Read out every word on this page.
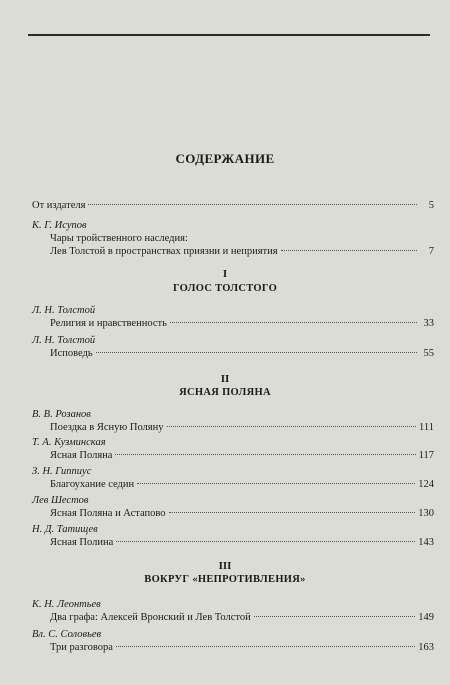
СОДЕРЖАНИЕ
От издателя	5
К. Г. Исупов
Чары тройственного наследия:
Лев Толстой в пространствах приязни и неприятия	7
I
ГОЛОС ТОЛСТОГО
Л. Н. Толстой
Религия и нравственность	33
Л. Н. Толстой
Исповедь	55
II
ЯСНАЯ ПОЛЯНА
В. В. Розанов
Поездка в Ясную Поляну	111
Т. А. Кузминская
Ясная Поляна	117
З. Н. Гиппиус
Благоухание седин	124
Лев Шестов
Ясная Поляна и Астапово	130
Н. Д. Татищев
Ясная Полина	143
III
ВОКРУГ «НЕПРОТИВЛЕНИЯ»
К. Н. Леонтьев
Два графа: Алексей Вронский и Лев Толстой	149
Вл. С. Соловьев
Три разговора	163
